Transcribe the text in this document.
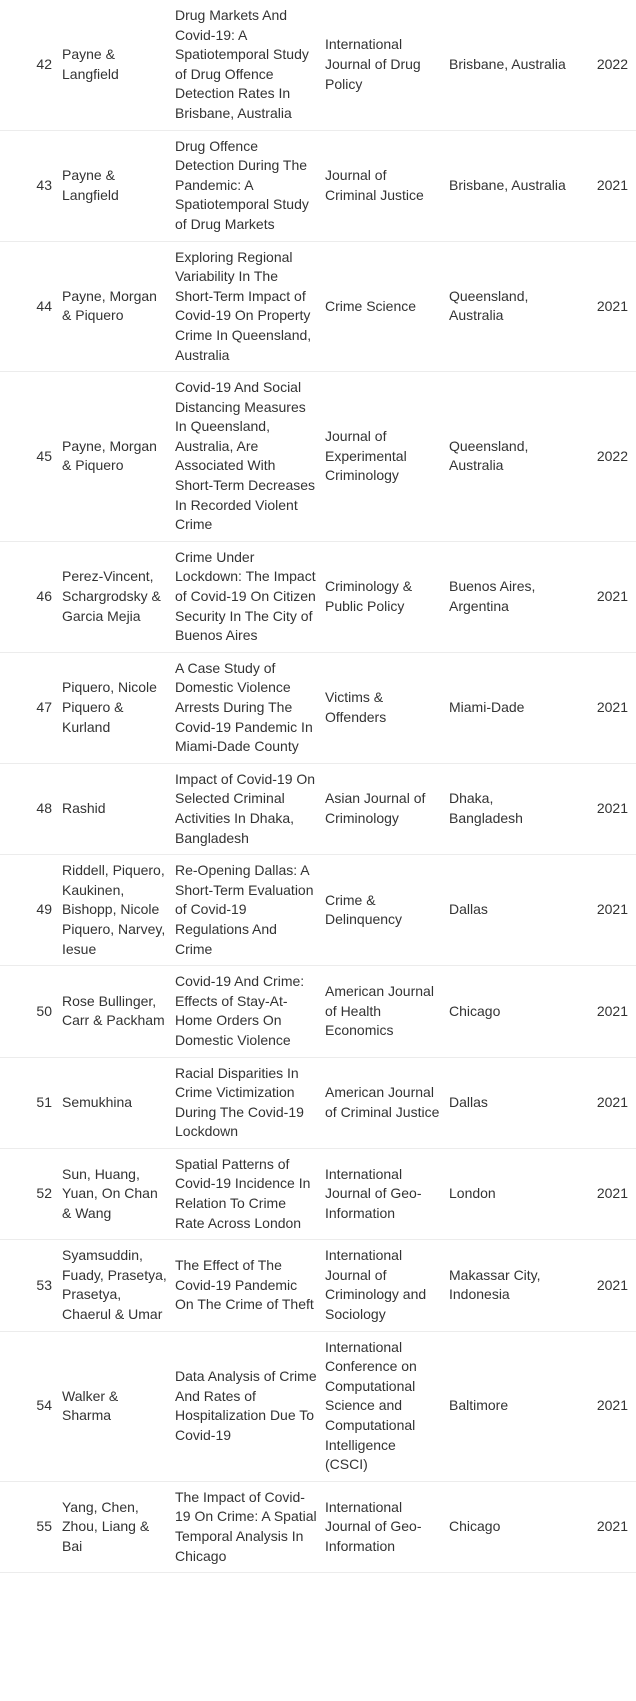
42	Payne & Langfield	Drug Markets And Covid-19: A Spatiotemporal Study of Drug Offence Detection Rates In Brisbane, Australia	International Journal of Drug Policy	Brisbane, Australia	2022
43	Payne & Langfield	Drug Offence Detection During The Pandemic: A Spatiotemporal Study of Drug Markets	Journal of Criminal Justice	Brisbane, Australia	2021
44	Payne, Morgan & Piquero	Exploring Regional Variability In The Short-Term Impact of Covid-19 On Property Crime In Queensland, Australia	Crime Science	Queensland, Australia	2021
45	Payne, Morgan & Piquero	Covid-19 And Social Distancing Measures In Queensland, Australia, Are Associated With Short-Term Decreases In Recorded Violent Crime	Journal of Experimental Criminology	Queensland, Australia	2022
46	Perez-Vincent, Schargrodsky & Garcia Mejia	Crime Under Lockdown: The Impact of Covid-19 On Citizen Security In The City of Buenos Aires	Criminology & Public Policy	Buenos Aires, Argentina	2021
47	Piquero, Nicole Piquero & Kurland	A Case Study of Domestic Violence Arrests During The Covid-19 Pandemic In Miami-Dade County	Victims & Offenders	Miami-Dade	2021
48	Rashid	Impact of Covid-19 On Selected Criminal Activities In Dhaka, Bangladesh	Asian Journal of Criminology	Dhaka, Bangladesh	2021
49	Riddell, Piquero, Kaukinen, Bishopp, Nicole Piquero, Narvey, Iesue	Re-Opening Dallas: A Short-Term Evaluation of Covid-19 Regulations And Crime	Crime & Delinquency	Dallas	2021
50	Rose Bullinger, Carr & Packham	Covid-19 And Crime: Effects of Stay-At-Home Orders On Domestic Violence	American Journal of Health Economics	Chicago	2021
51	Semukhina	Racial Disparities In Crime Victimization During The Covid-19 Lockdown	American Journal of Criminal Justice	Dallas	2021
52	Sun, Huang, Yuan, On Chan & Wang	Spatial Patterns of Covid-19 Incidence In Relation To Crime Rate Across London	International Journal of Geo-Information	London	2021
53	Syamsuddin, Fuady, Prasetya, Prasetya, Chaerul & Umar	The Effect of The Covid-19 Pandemic On The Crime of Theft	International Journal of Criminology and Sociology	Makassar City, Indonesia	2021
54	Walker & Sharma	Data Analysis of Crime And Rates of Hospitalization Due To Covid-19	International Conference on Computational Science and Computational Intelligence (CSCI)	Baltimore	2021
55	Yang, Chen, Zhou, Liang & Bai	The Impact of Covid-19 On Crime: A Spatial Temporal Analysis In Chicago	International Journal of Geo-Information	Chicago	2021
